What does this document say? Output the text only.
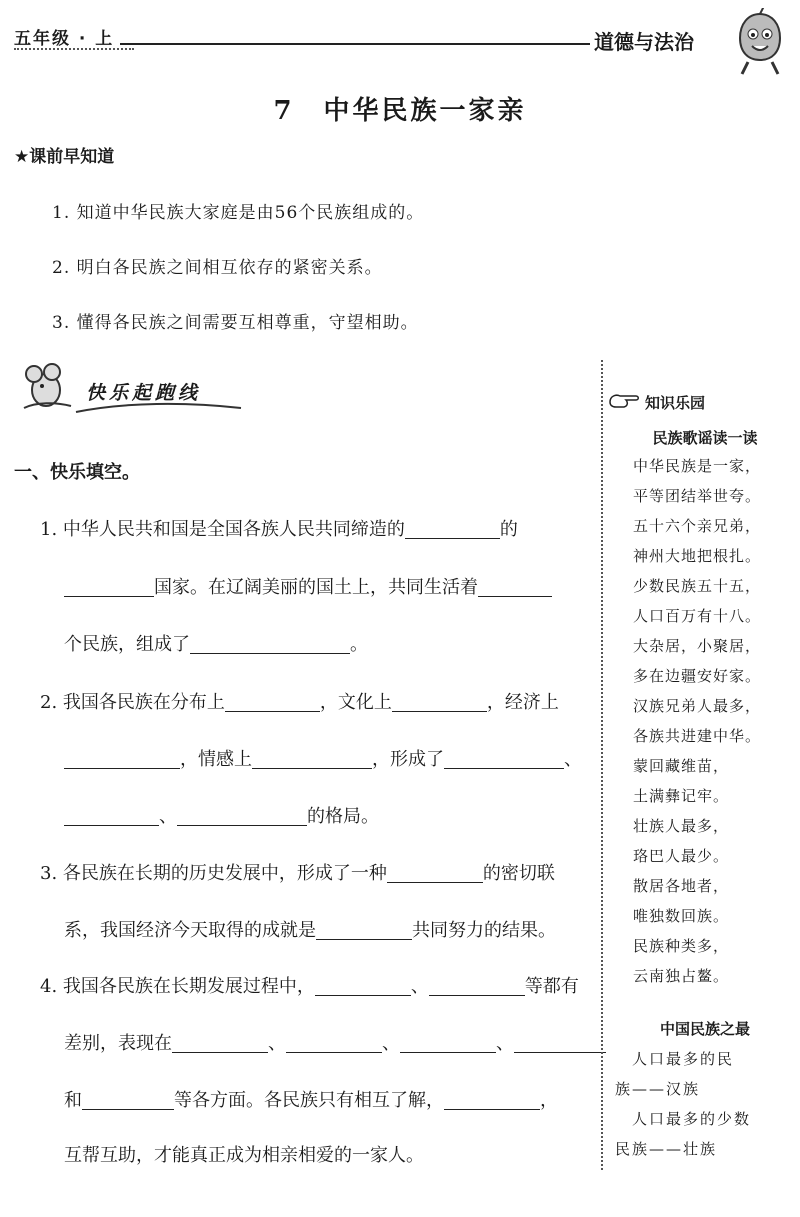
五年级 · 上	道德与法治
7　中华民族一家亲
★课前早知道
1. 知道中华民族大家庭是由56个民族组成的。
2. 明白各民族之间相互依存的紧密关系。
3. 懂得各民族之间需要互相尊重，守望相助。
快乐起跑线
一、快乐填空。
1. 中华人民共和国是全国各族人民共同缔造的	的
国家。在辽阔美丽的国土上，共同生活着
个民族，组成了	。
2. 我国各民族在分布上	，文化上	，经济上
，情感上	，形成了	、
、	的格局。
3. 各民族在长期的历史发展中，形成了一种	的密切联
系，我国经济今天取得的成就是	共同努力的结果。
4. 我国各民族在长期发展过程中，	、	等都有
差别，表现在	、	、	、
和	等各方面。各民族只有相互了解，	，
互帮互助，才能真正成为相亲相爱的一家人。
知识乐园
民族歌谣读一读
中华民族是一家，
平等团结举世夸。
五十六个亲兄弟，
神州大地把根扎。
少数民族五十五，
人口百万有十八。
大杂居，小聚居，
多在边疆安好家。
汉族兄弟人最多，
各族共进建中华。
蒙回藏维苗，
土满彝记牢。
壮族人最多，
珞巴人最少。
散居各地者，
唯独数回族。
民族种类多，
云南独占鳌。
中国民族之最
　人口最多的民
族——汉族
　人口最多的少数
民族——壮族
